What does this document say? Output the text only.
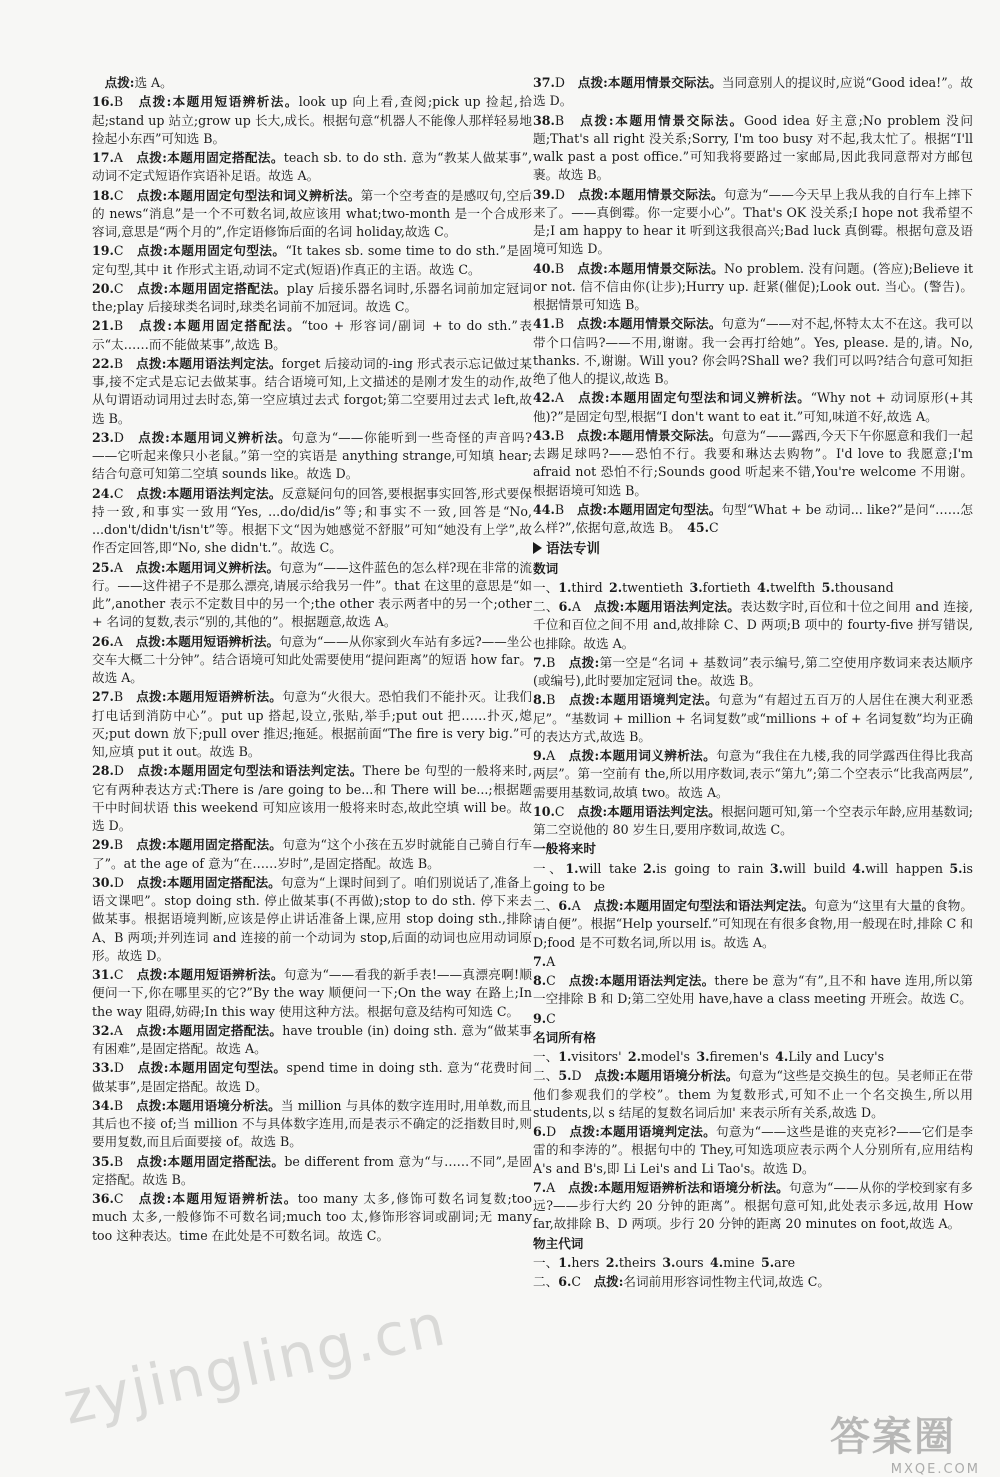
　点拨:选 A。
16.B　 点拨:本题用短语辨析法。look up 向上看,查阅;pick up 捡起,拾起;stand up 站立;grow up 长大,成长。根据句意“机器人不能像人那样轻易地捡起小东西”可知选 B。
17.A　 点拨:本题用固定搭配法。teach sb. to do sth. 意为“教某人做某事”,动词不定式短语作宾语补足语。故选 A。
18.C　 点拨:本题用固定句型法和词义辨析法。第一个空考查的是感叹句,空后的 news“消息”是一个不可数名词,故应该用 what;two-month 是一个合成形容词,意思是“两个月的”,作定语修饰后面的名词 holiday,故选 C。
19.C　 点拨:本题用固定句型法。“It takes sb. some time to do sth.”是固定句型,其中 it 作形式主语,动词不定式(短语)作真正的主语。故选 C。
20.C　 点拨:本题用固定搭配法。play 后接乐器名词时,乐器名词前加定冠词 the;play 后接球类名词时,球类名词前不加冠词。故选 C。
21.B　 点拨:本题用固定搭配法。“too + 形容词/副词 + to do sth.”表示“太……而不能做某事”,故选 B。
22.B　 点拨:本题用语法判定法。forget 后接动词的-ing 形式表示忘记做过某事,接不定式是忘记去做某事。结合语境可知,上文描述的是刚才发生的动作,故从句谓语动词用过去时态,第一空应填过去式 forgot;第二空要用过去式 left,故选 B。
23.D　 点拨:本题用词义辨析法。句意为“——你能听到一些奇怪的声音吗?——它听起来像只小老鼠。”第一空的宾语是 anything strange,可知填 hear;结合句意可知第二空填 sounds like。故选 D。
24.C　 点拨:本题用语法判定法。反意疑问句的回答,要根据事实回答,形式要保持一致,和事实一致用“Yes, ...do/did/is”等;和事实不一致,回答是“No, ...don't/didn't/isn't”等。根据下文“因为她感觉不舒服”可知“她没有上学”,故作否定回答,即“No, she didn't.”。故选 C。
25.A　 点拨:本题用词义辨析法。句意为“——这件蓝色的怎么样?现在非常的流行。——这件裙子不是那么漂亮,请展示给我另一件”。that 在这里的意思是“如此”,another 表示不定数目中的另一个;the other 表示两者中的另一个;other + 名词的复数,表示“别的,其他的”。根据题意,故选 A。
26.A　 点拨:本题用短语辨析法。句意为“——从你家到火车站有多远?——坐公交车大概二十分钟”。结合语境可知此处需要使用“提问距离”的短语 how far。故选 A。
27.B　 点拨:本题用短语辨析法。句意为“火很大。恐怕我们不能扑灭。让我们打电话到消防中心”。put up 搭起,设立,张贴,举手;put out 把……扑灭,熄灭;put down 放下;pull over 推迟;拖延。根据前面“The fire is very big.”可知,应填 put it out。故选 B。
28.D　 点拨:本题用固定句型法和语法判定法。There be 句型的一般将来时,它有两种表达方式:There is /are going to be...和 There will be...;根据题干中时间状语 this weekend 可知应该用一般将来时态,故此空填 will be。故选 D。
29.B　 点拨:本题用固定搭配法。句意为“这个小孩在五岁时就能自己骑自行车了”。at the age of 意为“在……岁时”,是固定搭配。故选 B。
30.D　 点拨:本题用固定搭配法。句意为“上课时间到了。咱们别说话了,准备上语文课吧”。stop doing sth. 停止做某事(不再做);stop to do sth. 停下来去做某事。根据语境判断,应该是停止讲话准备上课,应用 stop doing sth.,排除 A、B 两项;并列连词 and 连接的前一个动词为 stop,后面的动词也应用动词原形。故选 D。
31.C　 点拨:本题用短语辨析法。句意为“——看我的新手表!——真漂亮啊!顺便问一下,你在哪里买的它?”By the way 顺便问一下;On the way 在路上;In the way 阻碍,妨碍;In this way 使用这种方法。根据句意及结构可知选 C。
32.A　 点拨:本题用固定搭配法。have trouble (in) doing sth. 意为“做某事有困难”,是固定搭配。故选 A。
33.D　 点拨:本题用固定句型法。spend time in doing sth. 意为“花费时间做某事”,是固定搭配。故选 D。
34.B　 点拨:本题用语境分析法。当 million 与具体的数字连用时,用单数,而且其后也不接 of;当 million 不与具体数字连用,而是表示不确定的泛指数目时,则要用复数,而且后面要接 of。故选 B。
35.B　 点拨:本题用固定搭配法。be different from 意为“与……不同”,是固定搭配。故选 B。
36.C　 点拨:本题用短语辨析法。too many 太多,修饰可数名词复数;too much 太多,一般修饰不可数名词;much too 太,修饰形容词或副词;无 many too 这种表达。time 在此处是不可数名词。故选 C。
37.D　 点拨:本题用情景交际法。当同意别人的提议时,应说“Good idea!”。故选 D。
38.B　 点拨:本题用情景交际法。Good idea 好主意;No problem 没问题;That's all right 没关系;Sorry, I'm too busy 对不起,我太忙了。根据“I'll walk past a post office.”可知我将要路过一家邮局,因此我同意帮对方邮包裹。故选 B。
39.D　 点拨:本题用情景交际法。句意为“——今天早上我从我的自行车上摔下来了。——真倒霉。你一定要小心”。That's OK 没关系;I hope not 我希望不是;I am happy to hear it 听到这我很高兴;Bad luck 真倒霉。根据句意及语境可知选 D。
40.B　 点拨:本题用情景交际法。No problem. 没有问题。(答应);Believe it or not. 信不信由你(让步);Hurry up. 赶紧(催促);Look out. 当心。(警告)。根据情景可知选 B。
41.B　 点拨:本题用情景交际法。句意为“——对不起,怀特太太不在这。我可以带个口信吗?——不用,谢谢。我一会再打给她”。Yes, please. 是的,请。No, thanks. 不,谢谢。Will you? 你会吗?Shall we? 我们可以吗?结合句意可知拒绝了他人的提议,故选 B。
42.A　 点拨:本题用固定句型法和词义辨析法。“Why not + 动词原形(+其他)?”是固定句型,根据“I don't want to eat it.”可知,味道不好,故选 A。
43.B　 点拨:本题用情景交际法。句意为“——露西,今天下午你愿意和我们一起去踢足球吗?——恐怕不行。我要和琳达去购物”。I'd love to 我愿意;I'm afraid not 恐怕不行;Sounds good 听起来不错,You're welcome 不用谢。根据语境可知选 B。
44.B　 点拨:本题用固定句型法。句型“What + be 动词... like?”是问“……怎么样?”,依据句意,故选 B。　 45.C
语法专训
数词
一、1.third  2.twentieth  3.fortieth  4.twelfth  5.thousand 
二、6.A　 点拨:本题用语法判定法。表达数字时,百位和十位之间用 and 连接,千位和百位之间不用 and,故排除 C、D 两项;B 项中的 fourty-five 拼写错误,也排除。故选 A。
7.B　 点拨:第一空是“名词 + 基数词”表示编号,第二空使用序数词来表达顺序(或编号),此时要加定冠词 the。故选 B。
8.B　 点拨:本题用语境判定法。句意为“有超过五百万的人居住在澳大利亚悉尼”。“基数词 + million + 名词复数”或“millions + of + 名词复数”均为正确的表达方式,故选 B。
9.A　 点拨:本题用词义辨析法。句意为“我住在九楼,我的同学露西住得比我高两层”。第一空前有 the,所以用序数词,表示“第九”;第二个空表示“比我高两层”,需要用基数词,故填 two。故选 A。
10.C　 点拨:本题用语法判定法。根据问题可知,第一个空表示年龄,应用基数词;第二空说他的 80 岁生日,要用序数词,故选 C。
一般将来时
一、1.will take  2.is going to rain  3.will build  4.will happen  5.is going to be 
二、6.A　 点拨:本题用固定句型法和语法判定法。句意为“这里有大量的食物。请自便”。根据“Help yourself.”可知现在有很多食物,用一般现在时,排除 C 和 D;food 是不可数名词,所以用 is。故选 A。
7.A
8.C　 点拨:本题用语法判定法。there be 意为“有”,且不和 have 连用,所以第一空排除 B 和 D;第二空处用 have,have a class meeting 开班会。故选 C。
9.C
名词所有格
一、1.visitors'  2.model's  3.firemen's  4.Lily and Lucy's 
二、5.D　 点拨:本题用语境分析法。句意为“这些是交换生的包。吴老师正在带他们参观我们的学校”。them 为复数形式,可知不止一个名交换生,所以用 students,以 s 结尾的复数名词后加' 来表示所有关系,故选 D。
6.D　 点拨:本题用语境判定法。句意为“——这些是谁的夹克衫?——它们是李雷的和李涛的”。根据句中的 They,可知选项应表示两个人分别所有,应用结构 A's and B's,即 Li Lei's and Li Tao's。故选 D。
7.A　 点拨:本题用短语辨析法和语境分析法。句意为“——从你的学校到家有多远?——步行大约 20 分钟的距离”。根据句意可知,此处表示多远,故用 How far,故排除 B、D 两项。步行 20 分钟的距离 20 minutes on foot,故选 A。
物主代词
一、1.hers  2.theirs  3.ours  4.mine  5.are 
二、6.C　 点拨:名词前用形容词性物主代词,故选 C。
zyjingling.cn	答案圈
MXQE.COM
